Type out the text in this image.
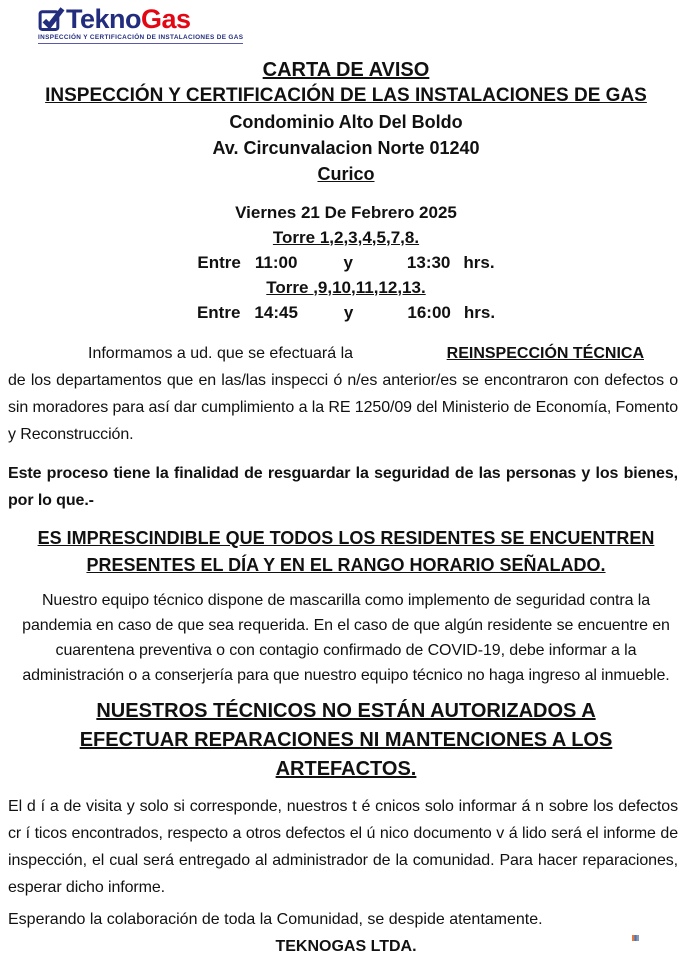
TeknoGas
INSPECCIÓN Y CERTIFICACIÓN DE INSTALACIONES DE GAS
CARTA DE AVISO
INSPECCIÓN Y CERTIFICACIÓN DE LAS INSTALACIONES DE GAS
Condominio Alto Del Boldo
Av. Circunvalacion Norte 01240
Curico
Viernes 21 De Febrero 2025
Torre 1,2,3,4,5,7,8.
Entre 11:00	y	13:30 hrs.
Torre ,9,10,11,12,13.
Entre 14:45	y	16:00 hrs.
Informamos a ud. que se efectuará la	REINSPECCIÓN TÉCNICA
de los departamentos que en las/las inspecci ó n/es anterior/es se encontraron con defectos o sin moradores para así dar cumplimiento a la RE 1250/09 del Ministerio de Economía, Fomento y Reconstrucción.
Este proceso tiene la finalidad de resguardar la seguridad de las personas y los bienes, por lo que.-
ES IMPRESCINDIBLE QUE TODOS LOS RESIDENTES SE ENCUENTREN PRESENTES EL DÍA Y EN EL RANGO HORARIO SEÑALADO.
Nuestro equipo técnico dispone de mascarilla como implemento de seguridad contra la pandemia en caso de que sea requerida. En el caso de que algún residente se encuentre en cuarentena preventiva o con contagio confirmado de COVID-19, debe informar a la administración o a conserjería para que nuestro equipo técnico no haga ingreso al inmueble.
NUESTROS TÉCNICOS NO ESTÁN AUTORIZADOS A EFECTUAR REPARACIONES NI MANTENCIONES A LOS ARTEFACTOS.
El d í a de visita y solo si corresponde, nuestros t é cnicos solo informar á n sobre los defectos cr í ticos encontrados, respecto a otros defectos el ú nico documento v á lido será el informe de inspección, el cual será entregado al administrador de la comunidad. Para hacer reparaciones, esperar dicho informe.
Esperando la colaboración de toda la Comunidad, se despide atentamente.
TEKNOGAS LTDA.
